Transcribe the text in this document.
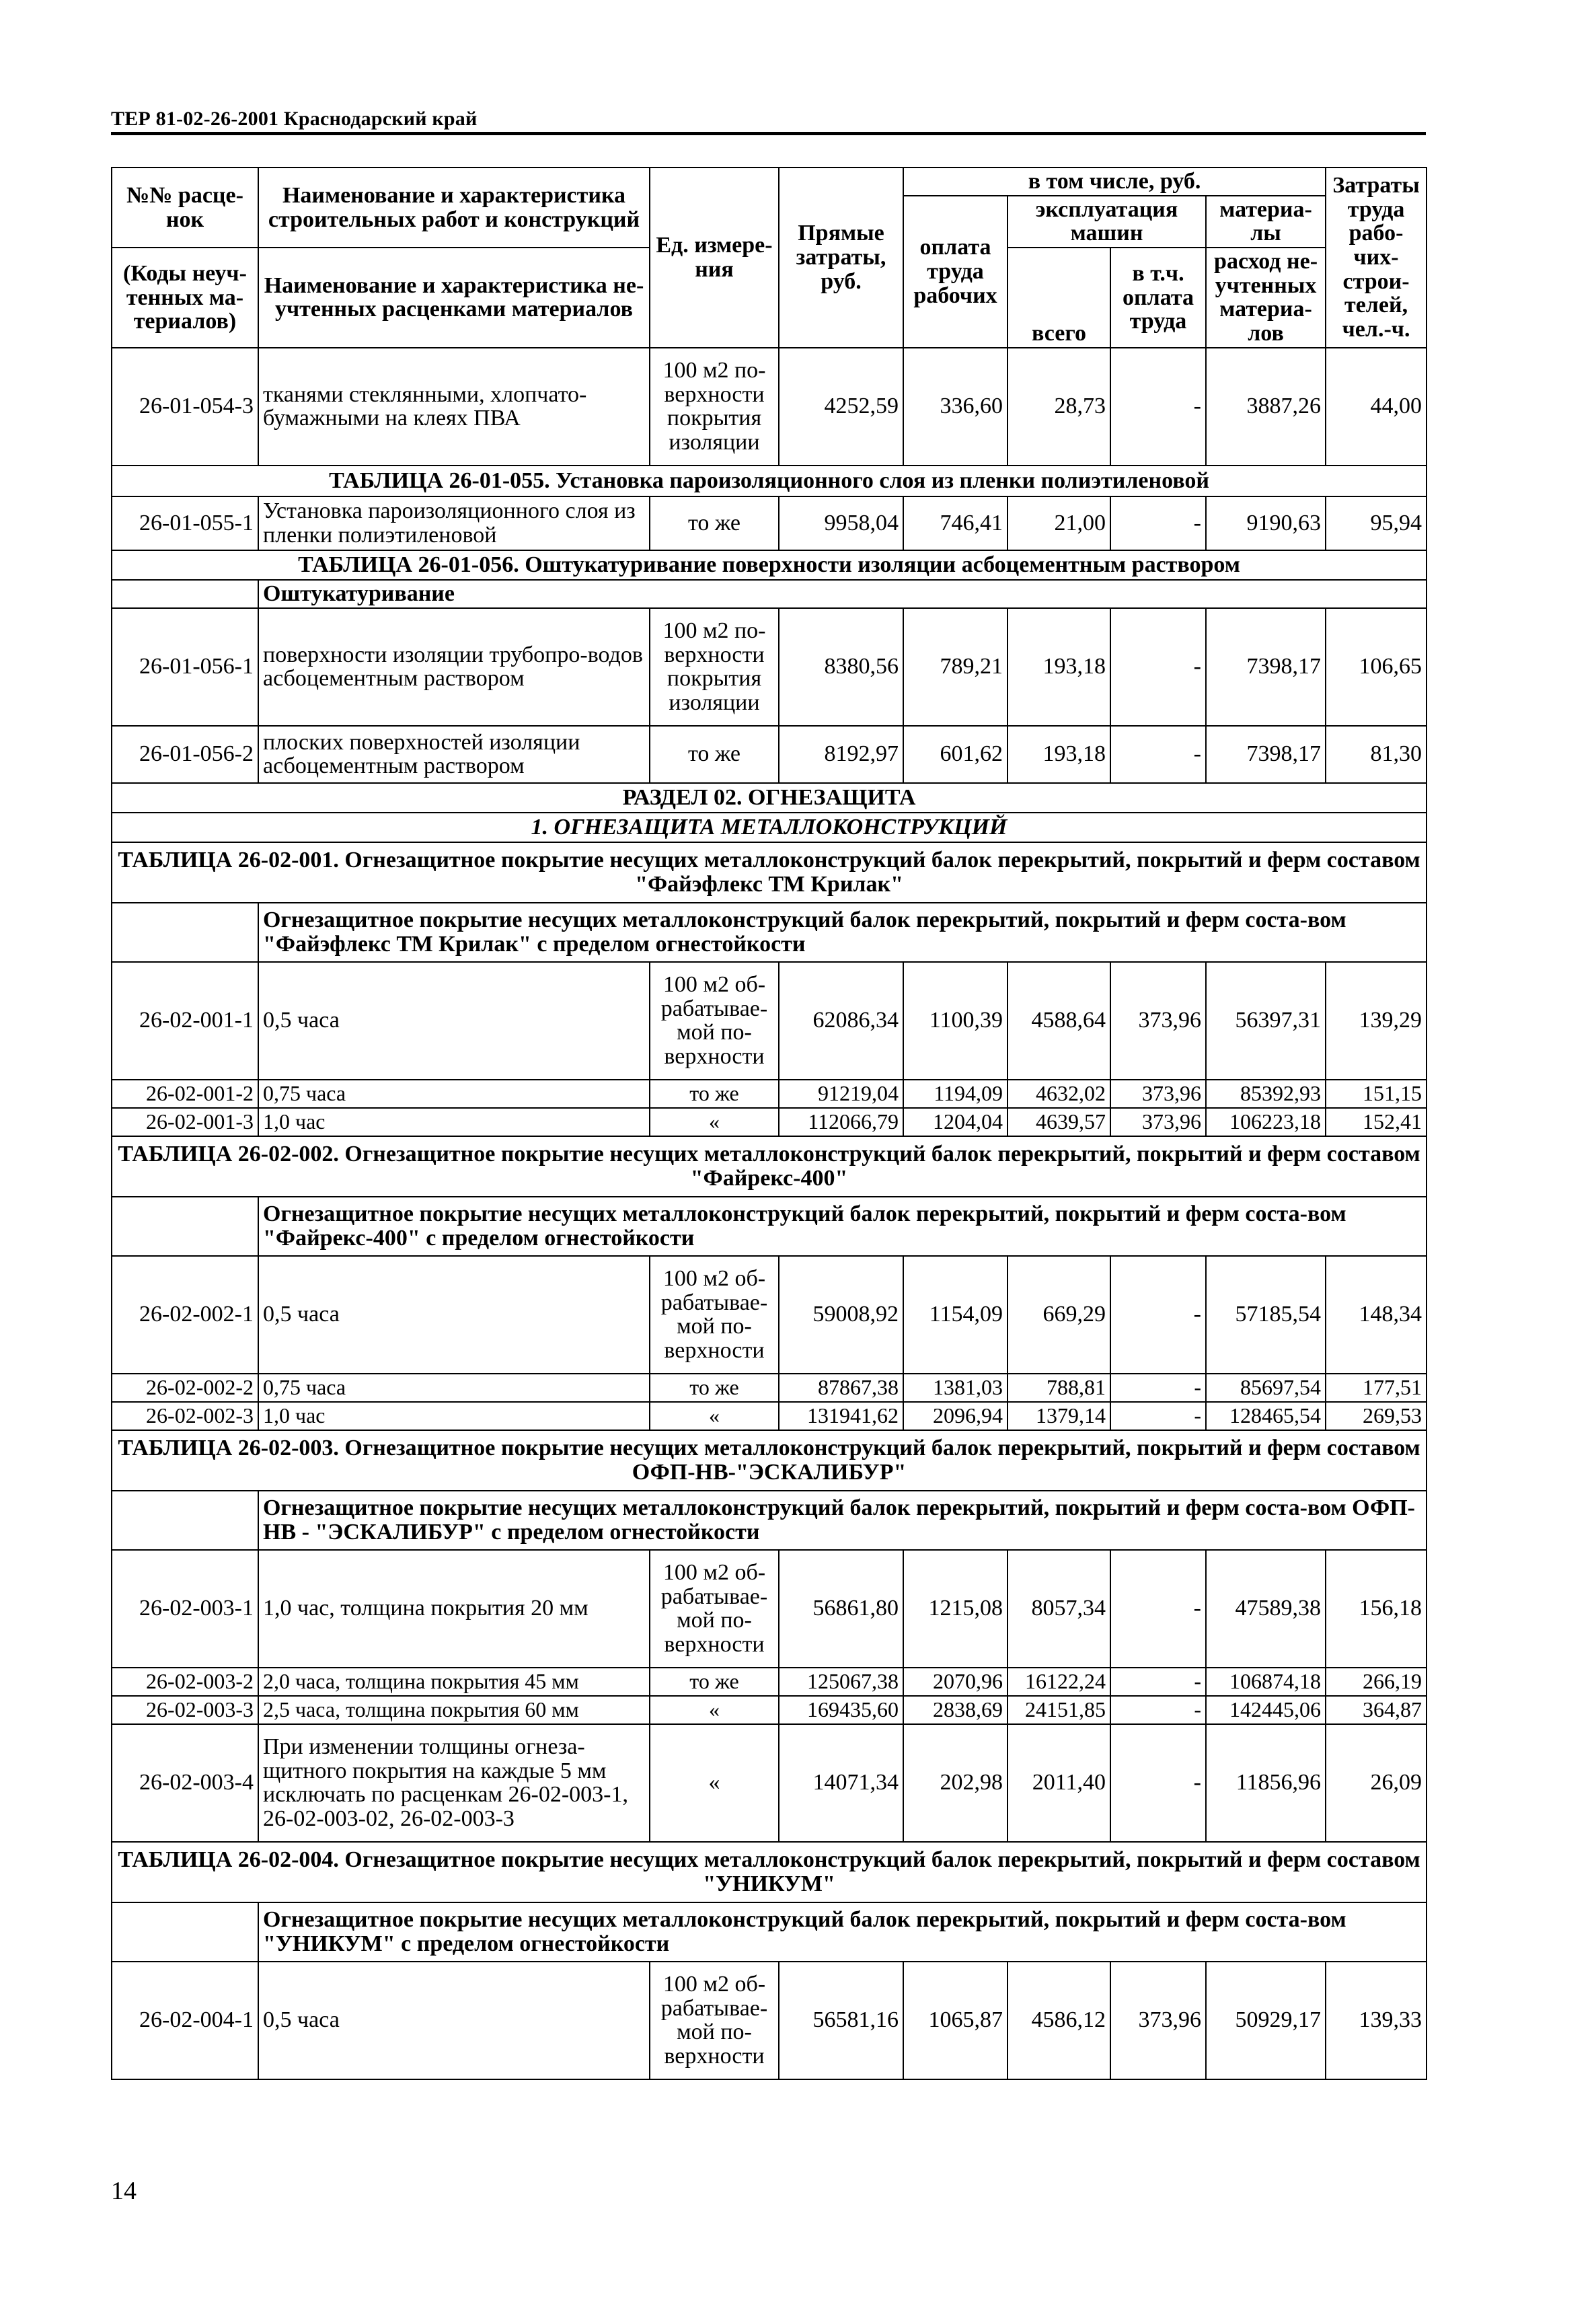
ТЕР 81-02-26-2001 Краснодарский край
№№ расце-нок	Наименование и характеристика строительных работ и конструкций	Ед. измере-ния	Прямые затраты, руб.	в том числе, руб.				Затраты труда рабо-чих-строи-телей, чел.-ч.
				оплата труда рабочих	эксплуатация машин		материа-лы	
(Коды неуч-тенных ма-териалов)	Наименование и характеристика не-учтенных расценками материалов				всего	в т.ч. оплата труда	расход не-учтенных материа-лов	

26-01-054-3	тканями стеклянными, хлопчато-бумажными на клеях ПВА	100 м2 по-верхности покрытия изоляции	4252,59	336,60	28,73	-	3887,26	44,00
ТАБЛИЦА 26-01-055. Установка пароизоляционного слоя из пленки полиэтиленовой								
26-01-055-1	Установка пароизоляционного слоя из пленки полиэтиленовой	то же	9958,04	746,41	21,00	-	9190,63	95,94
ТАБЛИЦА 26-01-056. Оштукатуривание поверхности изоляции асбоцементным раствором								
	Оштукатуривание							
26-01-056-1	поверхности изоляции трубопро-водов асбоцементным раствором	100 м2 по-верхности покрытия изоляции	8380,56	789,21	193,18	-	7398,17	106,65
26-01-056-2	плоских поверхностей изоляции асбоцементным раствором	то же	8192,97	601,62	193,18	-	7398,17	81,30
РАЗДЕЛ 02. ОГНЕЗАЩИТА								
1. ОГНЕЗАЩИТА МЕТАЛЛОКОНСТРУКЦИЙ								
ТАБЛИЦА 26-02-001. Огнезащитное покрытие несущих металлоконструкций балок перекрытий, покрытий и ферм составом "Файэфлекс ТМ Крилак"								
	Огнезащитное покрытие несущих металлоконструкций балок перекрытий, покрытий и ферм соста-вом "Файэфлекс ТМ Крилак" с пределом огнестойкости							
26-02-001-1	0,5 часа	100 м2 об-рабатывае-мой по-верхности	62086,34	1100,39	4588,64	373,96	56397,31	139,29
26-02-001-2	0,75 часа	то же	91219,04	1194,09	4632,02	373,96	85392,93	151,15
26-02-001-3	1,0 час	«	112066,79	1204,04	4639,57	373,96	106223,18	152,41
ТАБЛИЦА 26-02-002. Огнезащитное покрытие несущих металлоконструкций балок перекрытий, покрытий и ферм составом "Файрекс-400"								
	Огнезащитное покрытие несущих металлоконструкций балок перекрытий, покрытий и ферм соста-вом "Файрекс-400" с пределом огнестойкости							
26-02-002-1	0,5 часа	100 м2 об-рабатывае-мой по-верхности	59008,92	1154,09	669,29	-	57185,54	148,34
26-02-002-2	0,75 часа	то же	87867,38	1381,03	788,81	-	85697,54	177,51
26-02-002-3	1,0 час	«	131941,62	2096,94	1379,14	-	128465,54	269,53
ТАБЛИЦА 26-02-003. Огнезащитное покрытие несущих металлоконструкций балок перекрытий, покрытий и ферм составом ОФП-НВ-"ЭСКАЛИБУР"								
	Огнезащитное покрытие несущих металлоконструкций балок перекрытий, покрытий и ферм соста-вом ОФП-НВ - "ЭСКАЛИБУР" с пределом огнестойкости							
26-02-003-1	1,0 час, толщина покрытия 20 мм	100 м2 об-рабатывае-мой по-верхности	56861,80	1215,08	8057,34	-	47589,38	156,18
26-02-003-2	2,0 часа, толщина покрытия 45 мм	то же	125067,38	2070,96	16122,24	-	106874,18	266,19
26-02-003-3	2,5 часа, толщина покрытия 60 мм	«	169435,60	2838,69	24151,85	-	142445,06	364,87
26-02-003-4	При изменении толщины огнеза-щитного покрытия на каждые 5 мм исключать по расценкам 26-02-003-1, 26-02-003-02, 26-02-003-3	«	14071,34	202,98	2011,40	-	11856,96	26,09
ТАБЛИЦА 26-02-004. Огнезащитное покрытие несущих металлоконструкций балок перекрытий, покрытий и ферм составом "УНИКУМ"								
	Огнезащитное покрытие несущих металлоконструкций балок перекрытий, покрытий и ферм соста-вом "УНИКУМ" с пределом огнестойкости							
26-02-004-1	0,5 часа	100 м2 об-рабатывае-мой по-верхности	56581,16	1065,87	4586,12	373,96	50929,17	139,33
14
